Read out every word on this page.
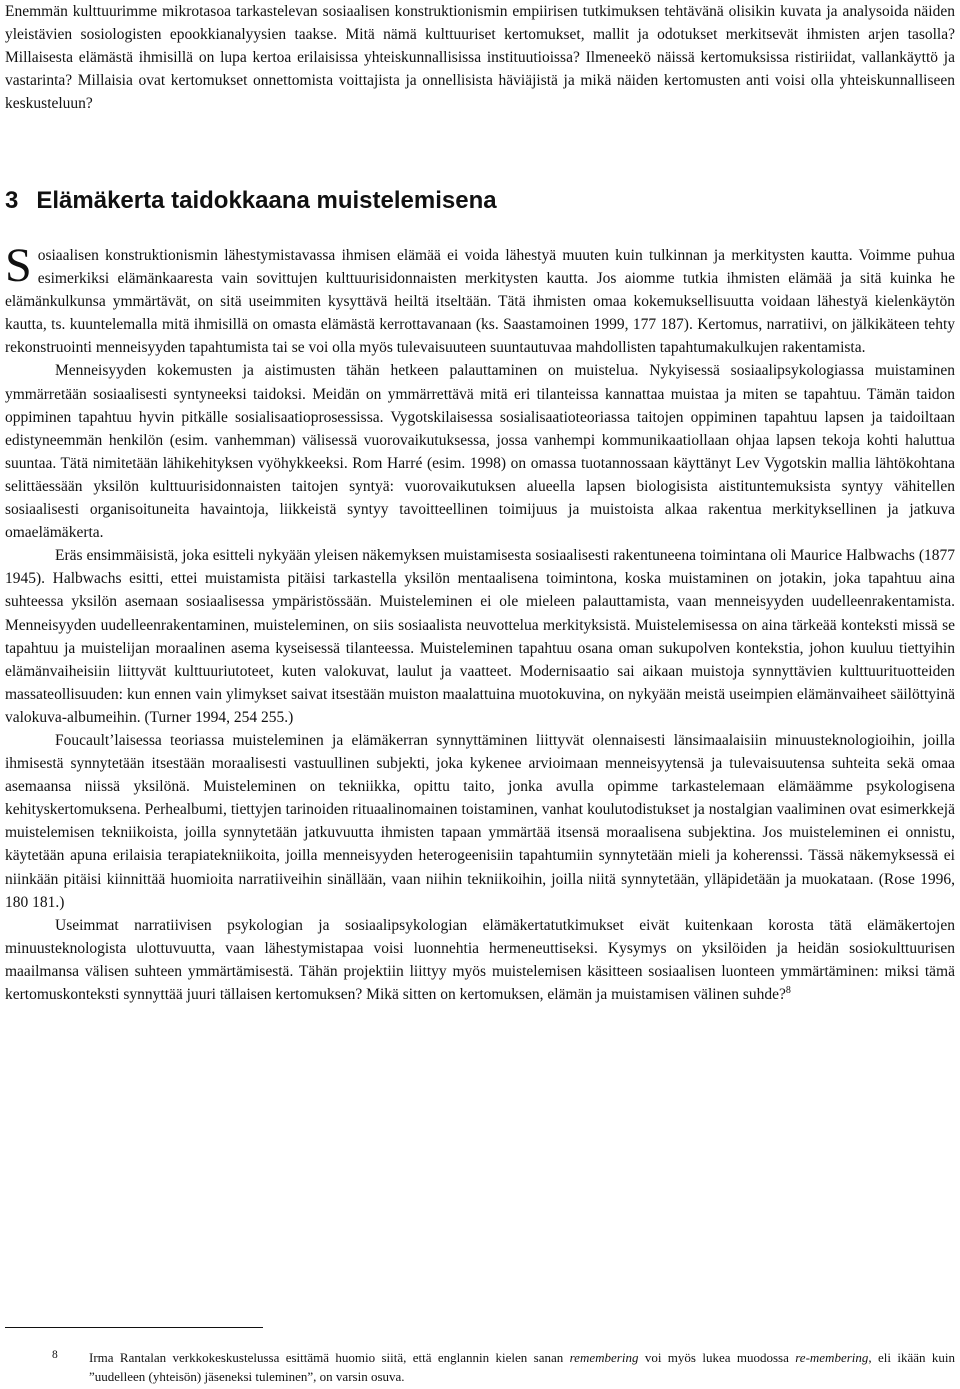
Enemmän kulttuurimme mikrotasoa tarkastelevan sosiaalisen konstruktionismin empiirisen tutkimuksen tehtävänä olisikin kuvata ja analysoida näiden yleistävien sosiologisten epookkianalyysien taakse. Mitä nämä kulttuuriset kertomukset, mallit ja odotukset merkitsevät ihmisten arjen tasolla? Millaisesta elämästä ihmisillä on lupa kertoa erilaisissa yhteiskunnallisissa instituutioissa? Ilmeneekö näissä kertomuksissa ristiriidat, vallankäyttö ja vastarinta? Millaisia ovat kertomukset onnettomista voittajista ja onnellisista häviäjistä ja mikä näiden kertomusten anti voisi olla yhteiskunnalliseen keskusteluun?

3 Elämäkerta taidokkaana muistelemisena

Sosiaalisen konstruktionismin lähestymistavassa ihmisen elämää ei voida lähestyä muuten kuin tulkinnan ja merkitysten kautta. Voimme puhua esimerkiksi elämänkaaresta vain sovittujen kulttuurisidonnaisten merkitysten kautta. Jos aiomme tutkia ihmisten elämää ja sitä kuinka he elämänkulkunsa ymmärtävät, on sitä useimmiten kysyttävä heiltä itseltään. Tätä ihmisten omaa kokemuksellisuutta voidaan lähestyä kielenkäytön kautta, ts. kuuntelemalla mitä ihmisillä on omasta elämästä kerrottavanaan (ks. Saastamoinen 1999, 177 187). Kertomus, narratiivi, on jälkikäteen tehty rekonstruointi menneisyyden tapahtumista tai se voi olla myös tulevaisuuteen suuntautuvaa mahdollisten tapahtumakulkujen rakentamista.

Menneisyyden kokemusten ja aistimusten tähän hetkeen palauttaminen on muistelua. Nykyisessä sosiaalipsykologiassa muistaminen ymmärretään sosiaalisesti syntyneeksi taidoksi. Meidän on ymmärrettävä mitä eri tilanteissa kannattaa muistaa ja miten se tapahtuu. Tämän taidon oppiminen tapahtuu hyvin pitkälle sosialisaatioprosessissa. Vygotskilaisessa sosialisaatioteoriassa taitojen oppiminen tapahtuu lapsen ja taidoiltaan edistyneemmän henkilön (esim. vanhemman) välisessä vuorovaikutuksessa, jossa vanhempi kommunikaatiollaan ohjaa lapsen tekoja kohti haluttua suuntaa. Tätä nimitetään lähikehityksen vyöhykkeeksi. Rom Harré (esim. 1998) on omassa tuotannossaan käyttänyt Lev Vygotskin mallia lähtökohtana selittäessään yksilön kulttuurisidonnaisten taitojen syntyä: vuorovaikutuksen alueella lapsen biologisista aistituntemuksista syntyy vähitellen sosiaalisesti organisoituneita havaintoja, liikkeistä syntyy tavoitteellinen toimijuus ja muistoista alkaa rakentua merkityksellinen ja jatkuva omaelämäkerta.

Eräs ensimmäisistä, joka esitteli nykyään yleisen näkemyksen muistamisesta sosiaalisesti rakentuneena toimintana oli Maurice Halbwachs (1877 1945). Halbwachs esitti, ettei muistamista pitäisi tarkastella yksilön mentaalisena toimintona, koska muistaminen on jotakin, joka tapahtuu aina suhteessa yksilön asemaan sosiaalisessa ympäristössään. Muisteleminen ei ole mieleen palauttamista, vaan menneisyyden uudelleenrakentamista. Menneisyyden uudelleenrakentaminen, muisteleminen, on siis sosiaalista neuvottelua merkityksistä. Muistelemisessa on aina tärkeää konteksti missä se tapahtuu ja muistelijan moraalinen asema kyseisessä tilanteessa. Muisteleminen tapahtuu osana oman sukupolven kontekstia, johon kuuluu tiettyihin elämänvaiheisiin liittyvät kulttuuriutoteet, kuten valokuvat, laulut ja vaatteet. Modernisaatio sai aikaan muistoja synnyttävien kulttuurituotteiden massateollisuuden: kun ennen vain ylimykset saivat itsestään muiston maalattuina muotokuvina, on nykyään meistä useimpien elämänvaiheet säilöttyinä valokuva-albumeihin. (Turner 1994, 254 255.)

Foucault’laisessa teoriassa muisteleminen ja elämäkerran synnyttäminen liittyvät olennaisesti länsimaalaisiin minuusteknologioihin, joilla ihmisestä synnytetään itsestään moraalisesti vastuullinen subjekti, joka kykenee arvioimaan menneisyytensä ja tulevaisuutensa suhteita sekä omaa asemaansa niissä yksilönä. Muisteleminen on tekniikka, opittu taito, jonka avulla opimme tarkastelemaan elämäämme psykologisena kehityskertomuksena. Perhealbumi, tiettyjen tarinoiden rituaalinomainen toistaminen, vanhat koulutodistukset ja nostalgian vaaliminen ovat esimerkkejä muistelemisen tekniikoista, joilla synnytetään jatkuvuutta ihmisten tapaan ymmärtää itsensä moraalisena subjektina. Jos muisteleminen ei onnistu, käytetään apuna erilaisia terapiatekniikoita, joilla menneisyyden heterogeenisiin tapahtumiin synnytetään mieli ja koherenssi. Tässä näkemyksessä ei niinkään pitäisi kiinnittää huomioita narratiiveihin sinällään, vaan niihin tekniikoihin, joilla niitä synnytetään, ylläpidetään ja muokataan. (Rose 1996, 180 181.)

Useimmat narratiivisen psykologian ja sosiaalipsykologian elämäkertatutkimukset eivät kuitenkaan korosta tätä elämäkertojen minuusteknologista ulottuvuutta, vaan lähestymistapaa voisi luonnehtia hermeneuttiseksi. Kysymys on yksilöiden ja heidän sosiokulttuurisen maailmansa välisen suhteen ymmärtämisestä. Tähän projektiin liittyy myös muistelemisen käsitteen sosiaalisen luonteen ymmärtäminen: miksi tämä kertomuskonteksti synnyttää juuri tällaisen kertomuksen? Mikä sitten on kertomuksen, elämän ja muistamisen välinen suhde?$^8$

8 Irma Rantalan verkkokeskustelussa esittämä huomio siitä, että englannin kielen sanan remembering voi myös lukea muodossa re-membering, eli ikään kuin ”uudelleen (yhteisön) jäseneksi tuleminen”, on varsin osuva.
